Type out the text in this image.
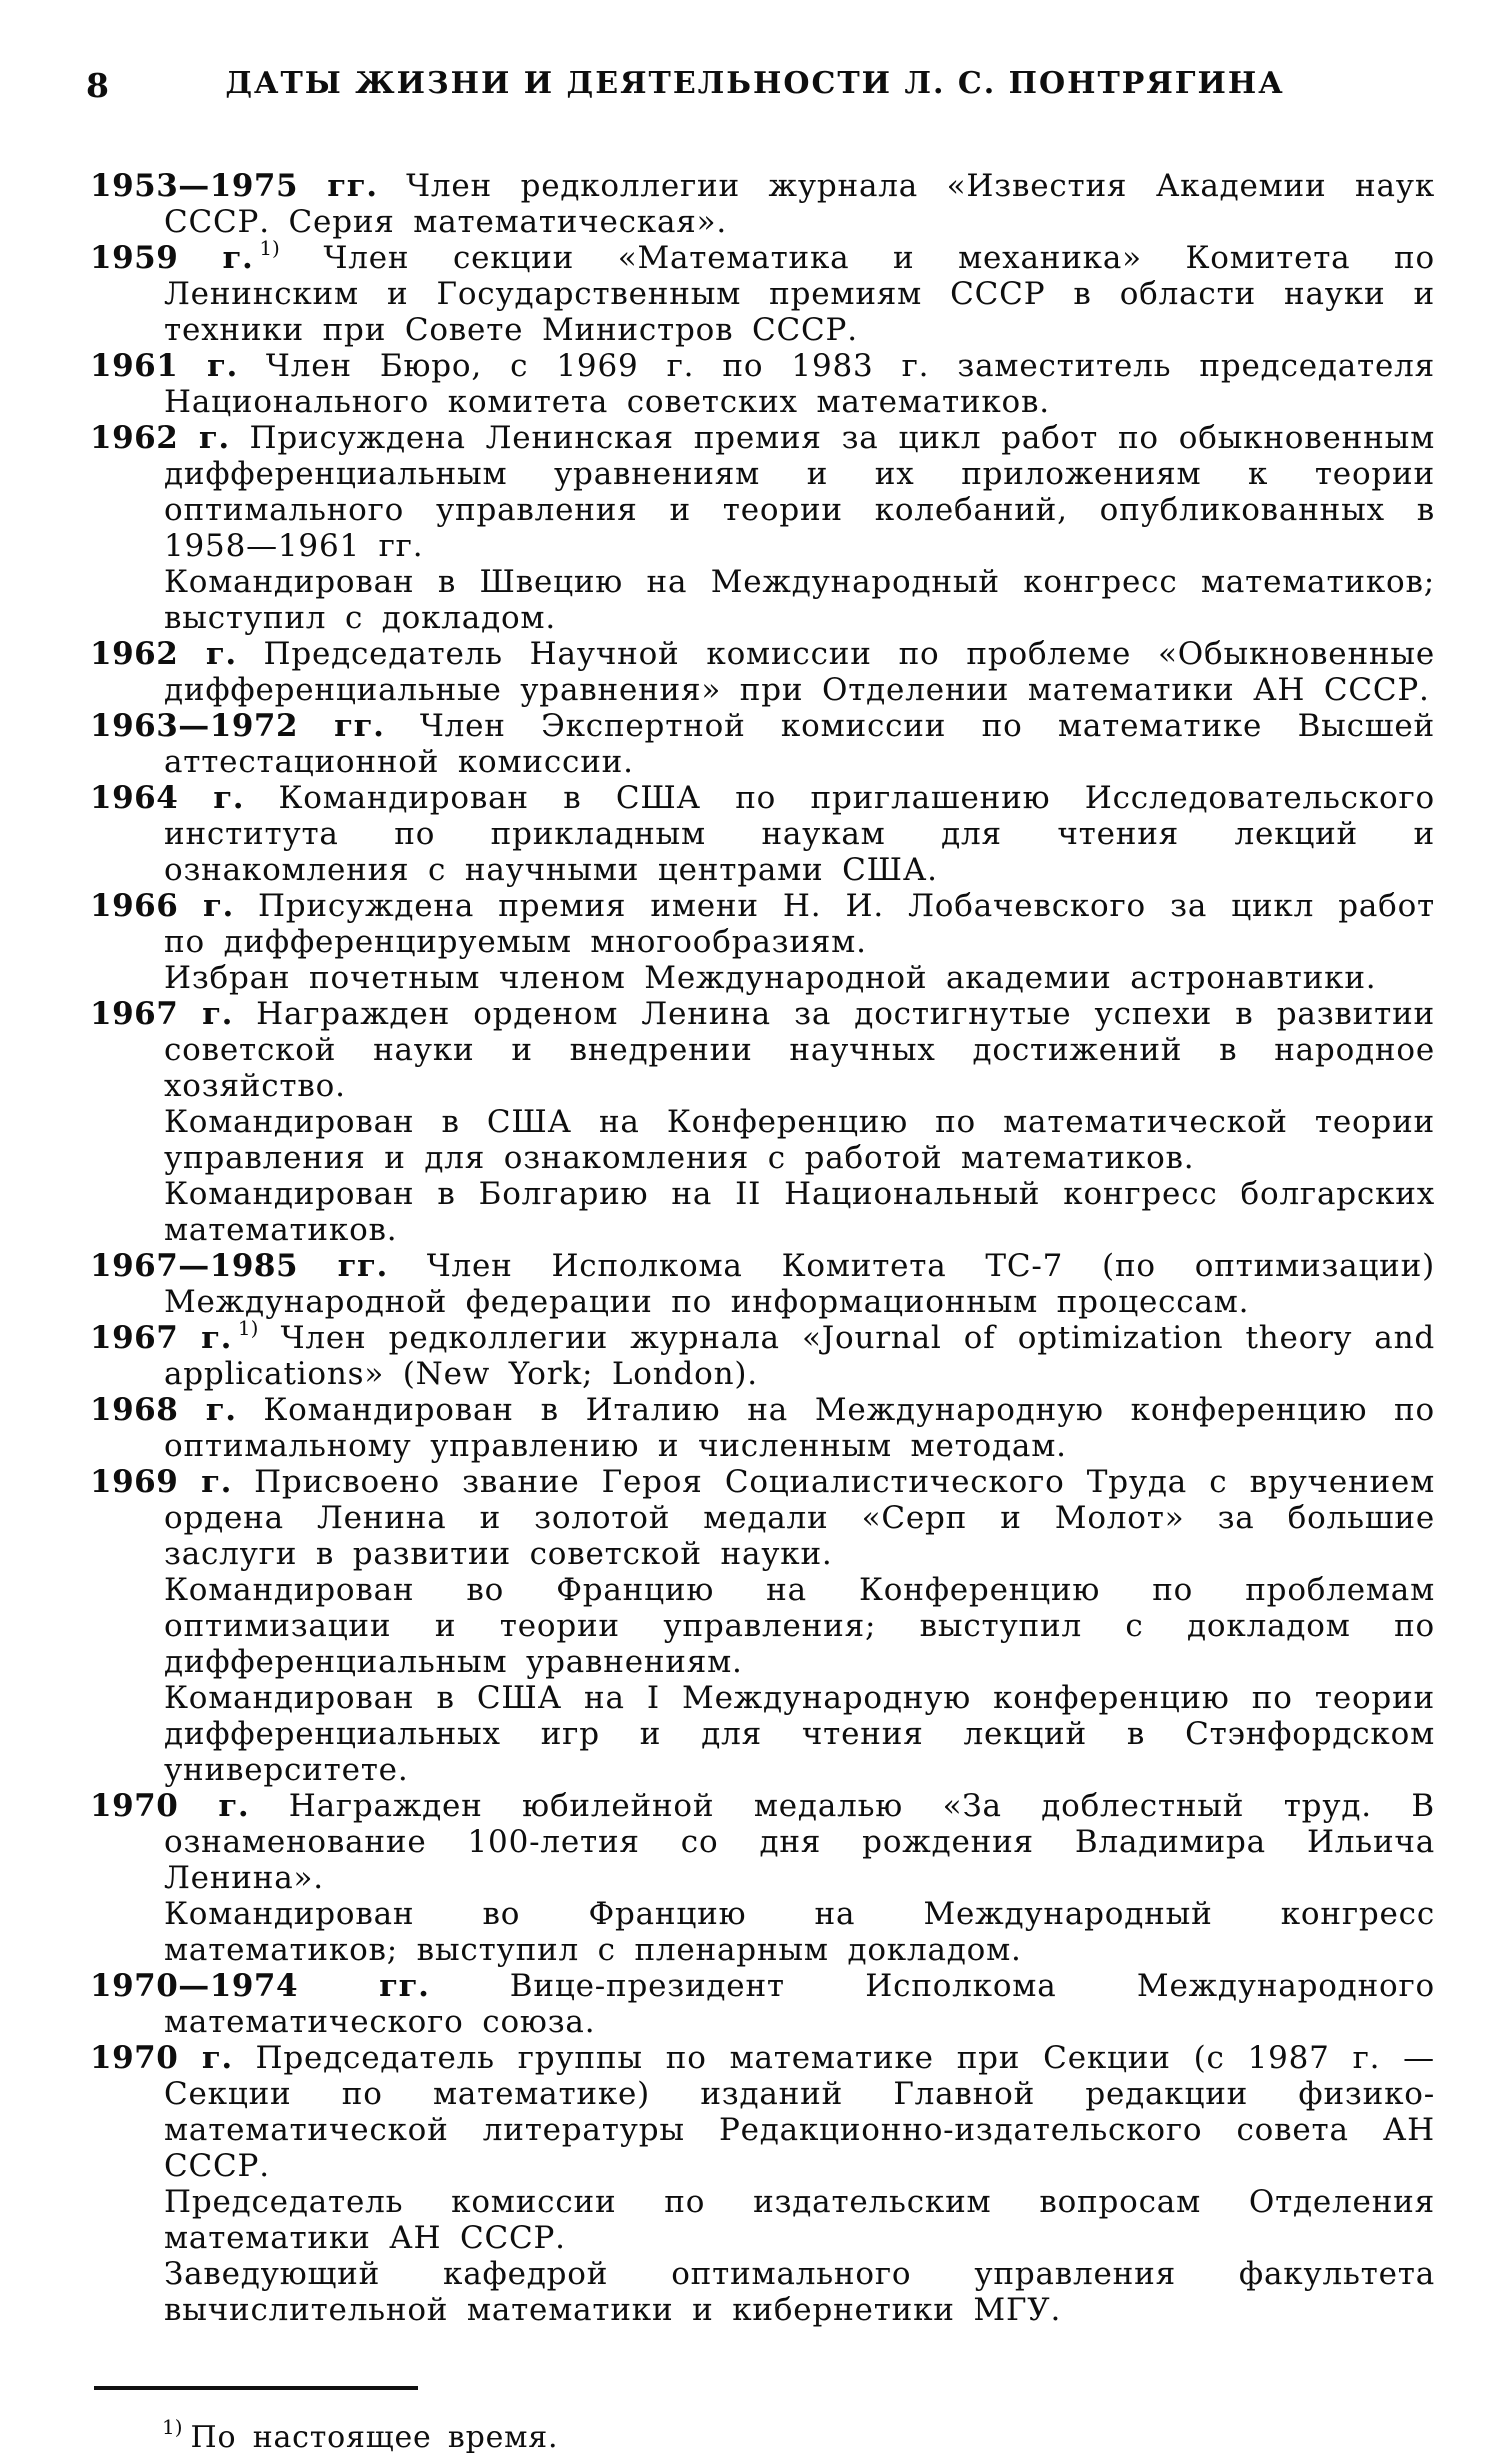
8	ДАТЫ ЖИЗНИ И ДЕЯТЕЛЬНОСТИ Л. С. ПОНТРЯГИНА

1953—1975 гг. Член редколлегии журнала «Известия Академии наук СССР. Серия математическая».

1959 г. $^{1)}$ Член секции «Математика и механика» Комитета по Ленинским и Государственным премиям СССР в области науки и техники при Совете Министров СССР.

1961 г. Член Бюро, с 1969 г. по 1983 г. заместитель председателя Национального комитета советских математиков.

1962 г. Присуждена Ленинская премия за цикл работ по обыкновенным дифференциальным уравнениям и их приложениям к теории оптимального управления и теории колебаний, опубликованных в 1958—1961 гг.

Командирован в Швецию на Международный конгресс математиков; выступил с докладом.

1962 г. Председатель Научной комиссии по проблеме «Обыкновенные дифференциальные уравнения» при Отделении математики АН СССР.

1963—1972 гг. Член Экспертной комиссии по математике Высшей аттестационной комиссии.

1964 г. Командирован в США по приглашению Исследовательского института по прикладным наукам для чтения лекций и ознакомления с научными центрами США.

1966 г. Присуждена премия имени Н. И. Лобачевского за цикл работ по дифференцируемым многообразиям.

Избран почетным членом Международной академии астронавтики.

1967 г. Награжден орденом Ленина за достигнутые успехи в развитии советской науки и внедрении научных достижений в народное хозяйство.

Командирован в США на Конференцию по математической теории управления и для ознакомления с работой математиков.

Командирован в Болгарию на II Национальный конгресс болгарских математиков.

1967—1985 гг. Член Исполкома Комитета ТС-7 (по оптимизации) Международной федерации по информационным процессам.

1967 г. $^{1)}$ Член редколлегии журнала «Journal of optimization theory and applications» (New York; London).

1968 г. Командирован в Италию на Международную конференцию по оптимальному управлению и численным методам.

1969 г. Присвоено звание Героя Социалистического Труда с вручением ордена Ленина и золотой медали «Серп и Молот» за большие заслуги в развитии советской науки.

Командирован во Францию на Конференцию по проблемам оптимизации и теории управления; выступил с докладом по дифференциальным уравнениям.

Командирован в США на I Международную конференцию по теории дифференциальных игр и для чтения лекций в Стэнфордском университете.

1970 г. Награжден юбилейной медалью «За доблестный труд. В ознаменование 100-летия со дня рождения Владимира Ильича Ленина».

Командирован во Францию на Международный конгресс математиков; выступил с пленарным докладом.

1970—1974 гг. Вице-президент Исполкома Международного математического союза.

1970 г. Председатель группы по математике при Секции (с 1987 г. — Секции по математике) изданий Главной редакции физико-математической литературы Редакционно-издательского совета АН СССР.

Председатель комиссии по издательским вопросам Отделения математики АН СССР.

Заведующий кафедрой оптимального управления факультета вычислительной математики и кибернетики МГУ.

$^{1)}$ По настоящее время.
